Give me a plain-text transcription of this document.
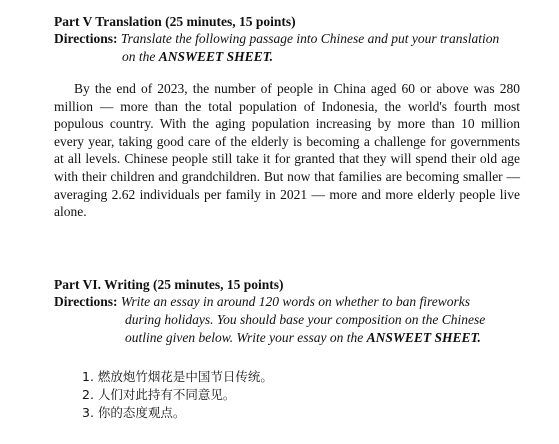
Part V Translation (25 minutes, 15 points)
Directions: Translate the following passage into Chinese and put your translation
on the ANSWEET SHEET.

By the end of 2023, the number of people in China aged 60 or above was 280 million — more than the total population of Indonesia, the world's fourth most populous country. With the aging population increasing by more than 10 million every year, taking good care of the elderly is becoming a challenge for governments at all levels. Chinese people still take it for granted that they will spend their old age with their children and grandchildren. But now that families are becoming smaller — averaging 2.62 individuals per family in 2021 — more and more elderly people live alone.

Part VI. Writing (25 minutes, 15 points)
Directions: Write an essay in around 120 words on whether to ban fireworks
during holidays. You should base your composition on the Chinese
outline given below. Write your essay on the ANSWEET SHEET.
1. 燃放炮竹烟花是中国节日传统。
2. 人们对此持有不同意见。
3. 你的态度观点。
